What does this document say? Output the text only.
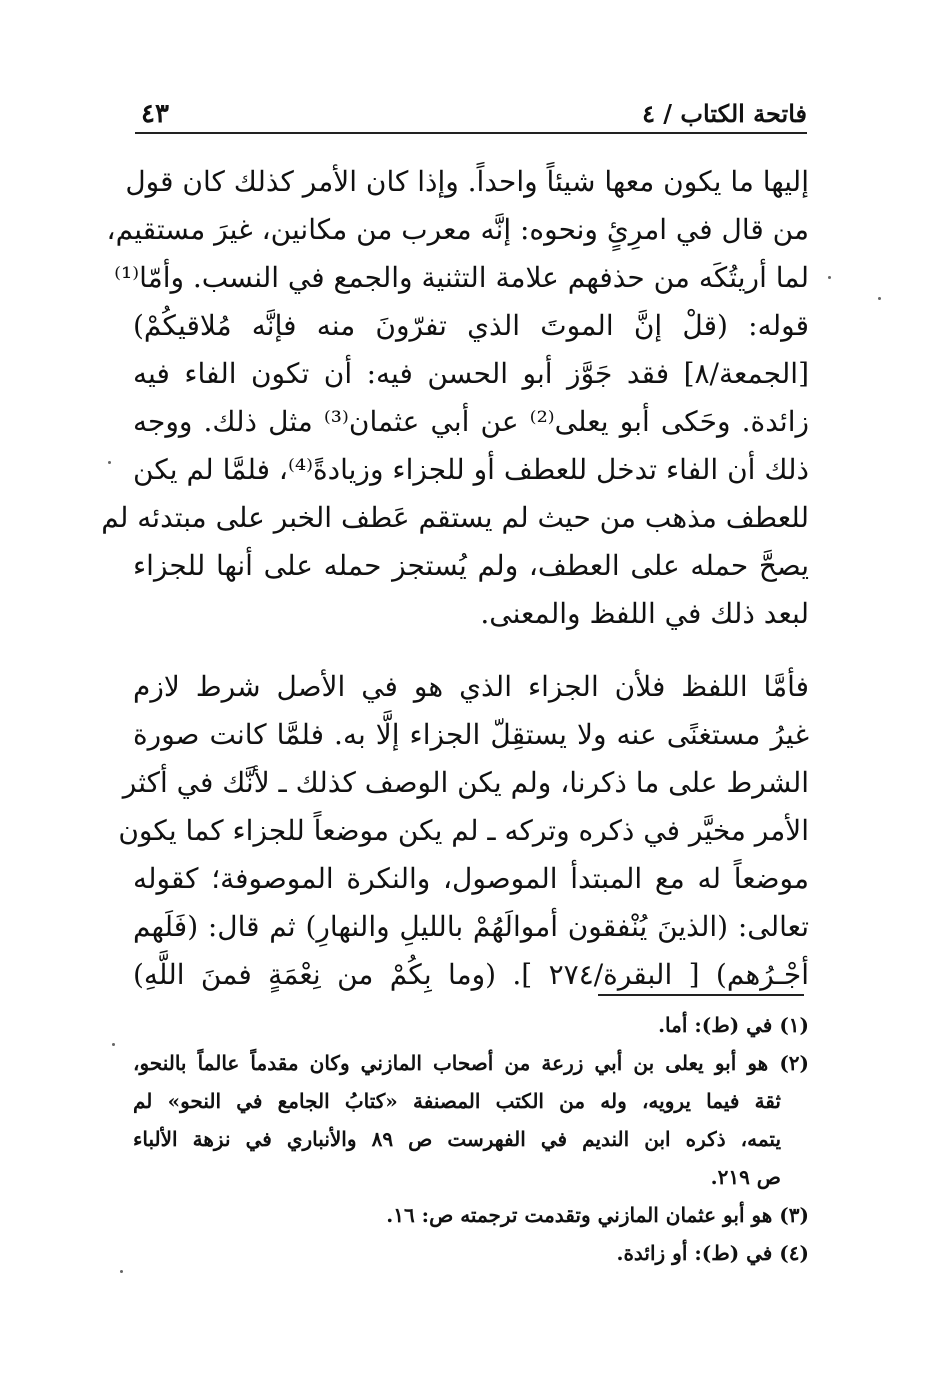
فاتحة الكتاب / ٤
٤٣
إليها ما يكون معها شيئاً واحداً. وإذا كان الأمر كذلك كان قول
من قال في امرِئٍ ونحوه: إنَّه معرب من مكانين، غيرَ مستقيم،
لما أريتُكَه من حذفهم علامة التثنية والجمع في النسب. وأمّا⁽¹⁾
قوله: (قلْ إنَّ الموتَ الذي تفرّونَ منه فإنَّه مُلاقيكُمْ)
[الجمعة/٨] فقد جَوَّز أبو الحسن فيه: أن تكون الفاء فيه
زائدة. وحَكى أبو يعلى⁽²⁾ عن أبي عثمان⁽³⁾ مثل ذلك. ووجه
ذلك أن الفاء تدخل للعطف أو للجزاء وزيادةً⁽⁴⁾، فلمَّا لم يكن
للعطف مذهب من حيث لم يستقم عَطف الخبر على مبتدئه لم
يصحَّ حمله على العطف، ولم يُستجز حمله على أنها للجزاء
لبعد ذلك في اللفظ والمعنى.
فأمَّا اللفظ فلأن الجزاء الذي هو في الأصل شرط لازم
غيرُ مستغنًى عنه ولا يستقِلّ الجزاء إلَّا به. فلمَّا كانت صورة
الشرط على ما ذكرنا، ولم يكن الوصف كذلك ـ لأنَّك في أكثر
الأمر مخيَّر في ذكره وتركه ـ لم يكن موضعاً للجزاء كما يكون
موضعاً له مع المبتدأ الموصول، والنكرة الموصوفة؛ كقوله
تعالى: (الذينَ يُنْفقون أموالَهُمْ بالليلِ والنهارِ) ثم قال: (فَلَهم
أجْـرُهم) [ البقرة/٢٧٤ ]. (وما بِكُمْ من نِعْمَةٍ فمنَ اللَّهِ)
(١) في (ط): أما.
(٢) هو أبو يعلى بن أبي زرعة من أصحاب المازني وكان مقدماً عالماً بالنحو،
ثقة فيما يرويه، وله من الكتب المصنفة «كتابُ الجامع في النحو» لم
يتمه، ذكره ابن النديم في الفهرست ص ٨٩ والأنباري في نزهة الألباء
ص ٢١٩.
(٣) هو أبو عثمان المازني وتقدمت ترجمته ص: ١٦.
(٤) في (ط): أو زائدة.
